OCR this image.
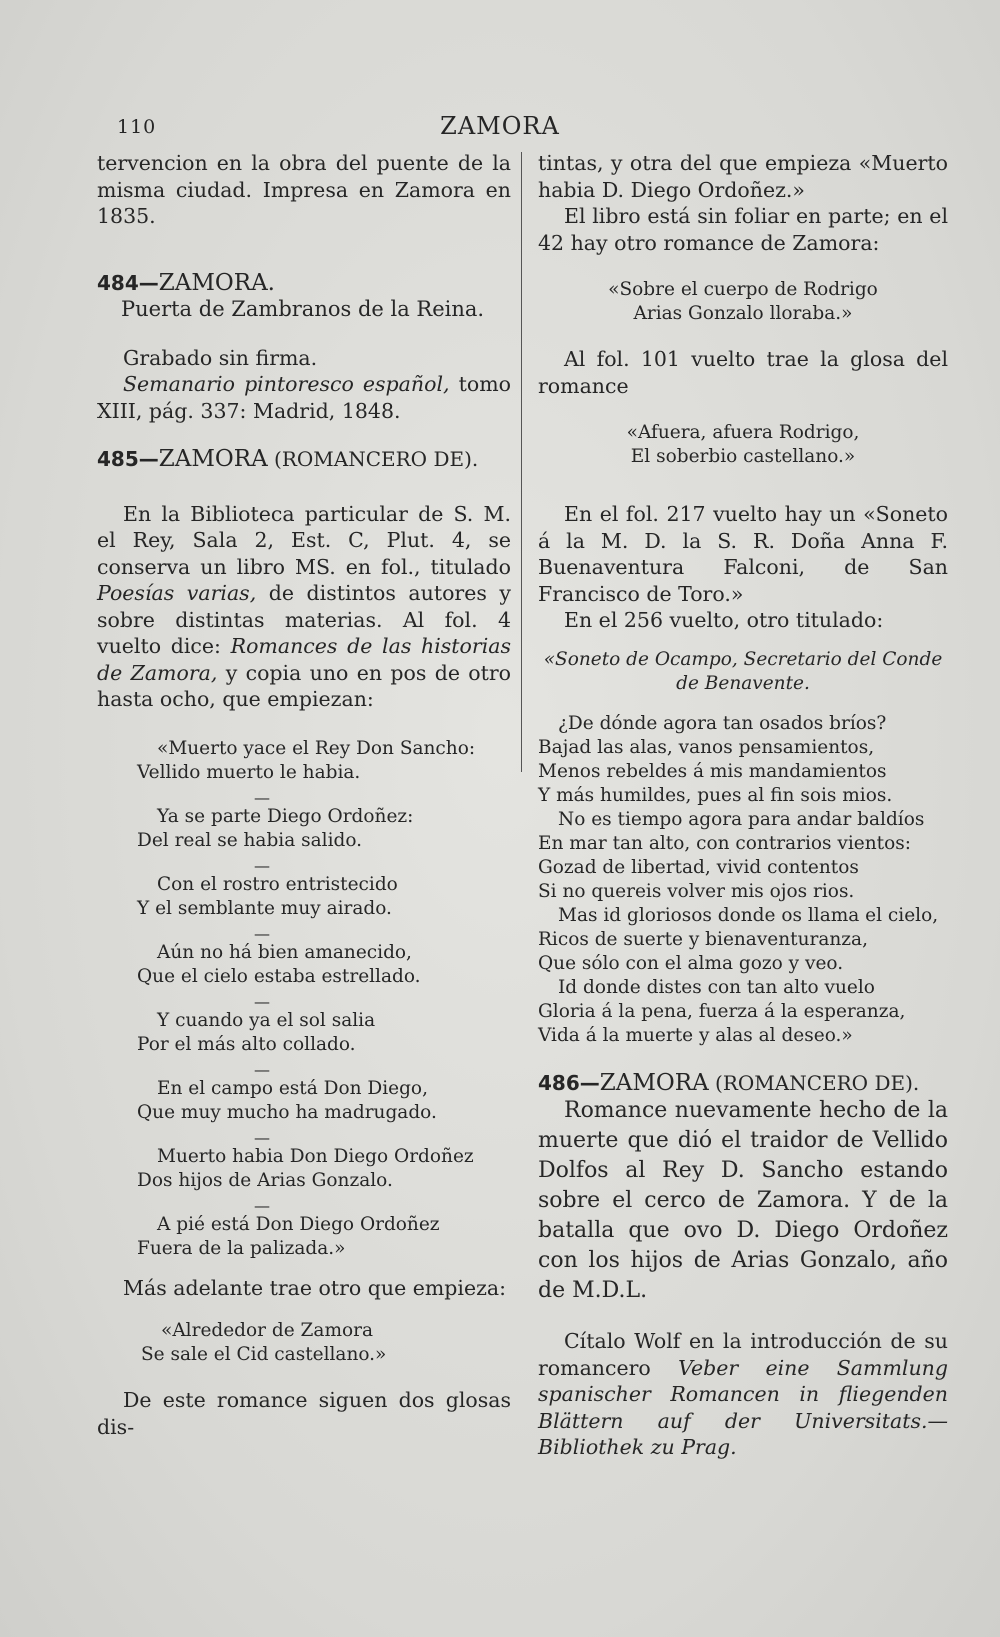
110	ZAMORA

tervencion en la obra del puente de la misma ciudad. Impresa en Zamora en 1835.

484—ZAMORA.

Puerta de Zambranos de la Reina.

Grabado sin firma.

Semanario pintoresco español, tomo XIII, pág. 337: Madrid, 1848.

485—ZAMORA (ROMANCERO DE).

En la Biblioteca particular de S. M. el Rey, Sala 2, Est. C, Plut. 4, se conserva un libro MS. en fol., titulado Poesías varias, de distintos autores y sobre distintas materias. Al fol. 4 vuelto dice: Romances de las historias de Zamora, y copia uno en pos de otro hasta ocho, que empiezan:

«Muerto yace el Rey Don Sancho:
Vellido muerto le habia.
—
Ya se parte Diego Ordoñez:
Del real se habia salido.
—
Con el rostro entristecido
Y el semblante muy airado.
—
Aún no há bien amanecido,
Que el cielo estaba estrellado.
—
Y cuando ya el sol salia
Por el más alto collado.
—
En el campo está Don Diego,
Que muy mucho ha madrugado.
—
Muerto habia Don Diego Ordoñez
Dos hijos de Arias Gonzalo.
—
A pié está Don Diego Ordoñez
Fuera de la palizada.»

Más adelante trae otro que empieza:

«Alrededor de Zamora
Se sale el Cid castellano.»

De este romance siguen dos glosas dis-

tintas, y otra del que empieza «Muerto habia D. Diego Ordoñez.»

El libro está sin foliar en parte; en el 42 hay otro romance de Zamora:

«Sobre el cuerpo de Rodrigo
Arias Gonzalo lloraba.»

Al fol. 101 vuelto trae la glosa del romance

«Afuera, afuera Rodrigo,
El soberbio castellano.»

En el fol. 217 vuelto hay un «Soneto á la M. D. la S. R. Doña Anna F. Buenaventura Falconi, de San Francisco de Toro.»

En el 256 vuelto, otro titulado:

«Soneto de Ocampo, Secretario del Conde de Benavente.

¿De dónde agora tan osados bríos?
Bajad las alas, vanos pensamientos,
Menos rebeldes á mis mandamientos
Y más humildes, pues al fin sois mios.
No es tiempo agora para andar baldíos
En mar tan alto, con contrarios vientos:
Gozad de libertad, vivid contentos
Si no quereis volver mis ojos rios.
Mas id gloriosos donde os llama el cielo,
Ricos de suerte y bienaventuranza,
Que sólo con el alma gozo y veo.
Id donde distes con tan alto vuelo
Gloria á la pena, fuerza á la esperanza,
Vida á la muerte y alas al deseo.»
486—ZAMORA (ROMANCERO DE).

Romance nuevamente hecho de la muerte que dió el traidor de Vellido Dolfos al Rey D. Sancho estando sobre el cerco de Zamora. Y de la batalla que ovo D. Diego Ordoñez con los hijos de Arias Gonzalo, año de M.D.L.

Cítalo Wolf en la introducción de su romancero Veber eine Sammlung spanischer Romancen in fliegenden Blättern auf der Universitats.—Bibliothek zu Prag.
